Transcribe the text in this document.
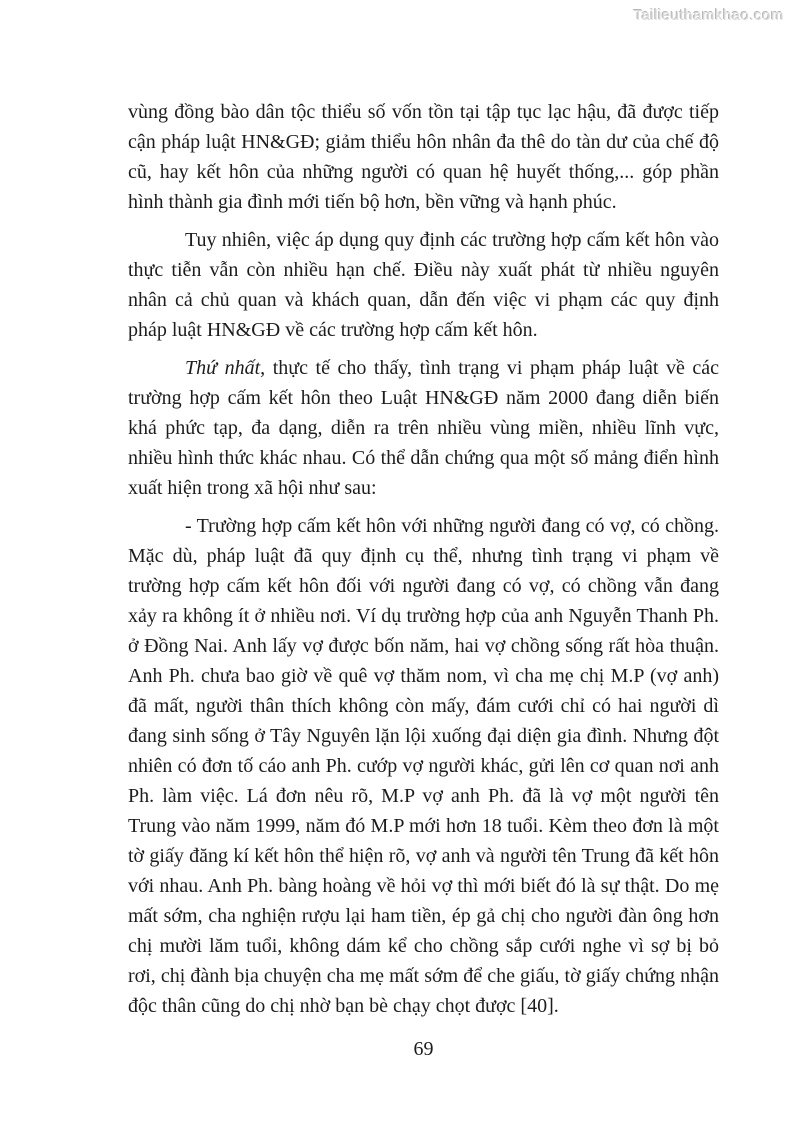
Tailieuthamkhao.com

vùng đồng bào dân tộc thiểu số vốn tồn tại tập tục lạc hậu, đã được tiếp cận pháp luật HN&GĐ; giảm thiểu hôn nhân đa thê do tàn dư của chế độ cũ, hay kết hôn của những người có quan hệ huyết thống,... góp phần hình thành gia đình mới tiến bộ hơn, bền vững và hạnh phúc.

Tuy nhiên, việc áp dụng quy định các trường hợp cấm kết hôn vào thực tiễn vẫn còn nhiều hạn chế. Điều này xuất phát từ nhiều nguyên nhân cả chủ quan và khách quan, dẫn đến việc vi phạm các quy định pháp luật HN&GĐ về các trường hợp cấm kết hôn.

Thứ nhất, thực tế cho thấy, tình trạng vi phạm pháp luật về các trường hợp cấm kết hôn theo Luật HN&GĐ năm 2000 đang diễn biến khá phức tạp, đa dạng, diễn ra trên nhiều vùng miền, nhiều lĩnh vực, nhiều hình thức khác nhau. Có thể dẫn chứng qua một số mảng điển hình xuất hiện trong xã hội như sau:

- Trường hợp cấm kết hôn với những người đang có vợ, có chồng. Mặc dù, pháp luật đã quy định cụ thể, nhưng tình trạng vi phạm về trường hợp cấm kết hôn đối với người đang có vợ, có chồng vẫn đang xảy ra không ít ở nhiều nơi. Ví dụ trường hợp của anh Nguyễn Thanh Ph. ở Đồng Nai. Anh lấy vợ được bốn năm, hai vợ chồng sống rất hòa thuận. Anh Ph. chưa bao giờ về quê vợ thăm nom, vì cha mẹ chị M.P (vợ anh) đã mất, người thân thích không còn mấy, đám cưới chỉ có hai người dì đang sinh sống ở Tây Nguyên lặn lội xuống đại diện gia đình. Nhưng đột nhiên có đơn tố cáo anh Ph. cướp vợ người khác, gửi lên cơ quan nơi anh Ph. làm việc. Lá đơn nêu rõ, M.P vợ anh Ph. đã là vợ một người tên Trung vào năm 1999, năm đó M.P mới hơn 18 tuổi. Kèm theo đơn là một tờ giấy đăng kí kết hôn thể hiện rõ, vợ anh và người tên Trung đã kết hôn với nhau. Anh Ph. bàng hoàng về hỏi vợ thì mới biết đó là sự thật. Do mẹ mất sớm, cha nghiện rượu lại ham tiền, ép gả chị cho người đàn ông hơn chị mười lăm tuổi, không dám kể cho chồng sắp cưới nghe vì sợ bị bỏ rơi, chị đành bịa chuyện cha mẹ mất sớm để che giấu, tờ giấy chứng nhận độc thân cũng do chị nhờ bạn bè chạy chọt được [40].

69
